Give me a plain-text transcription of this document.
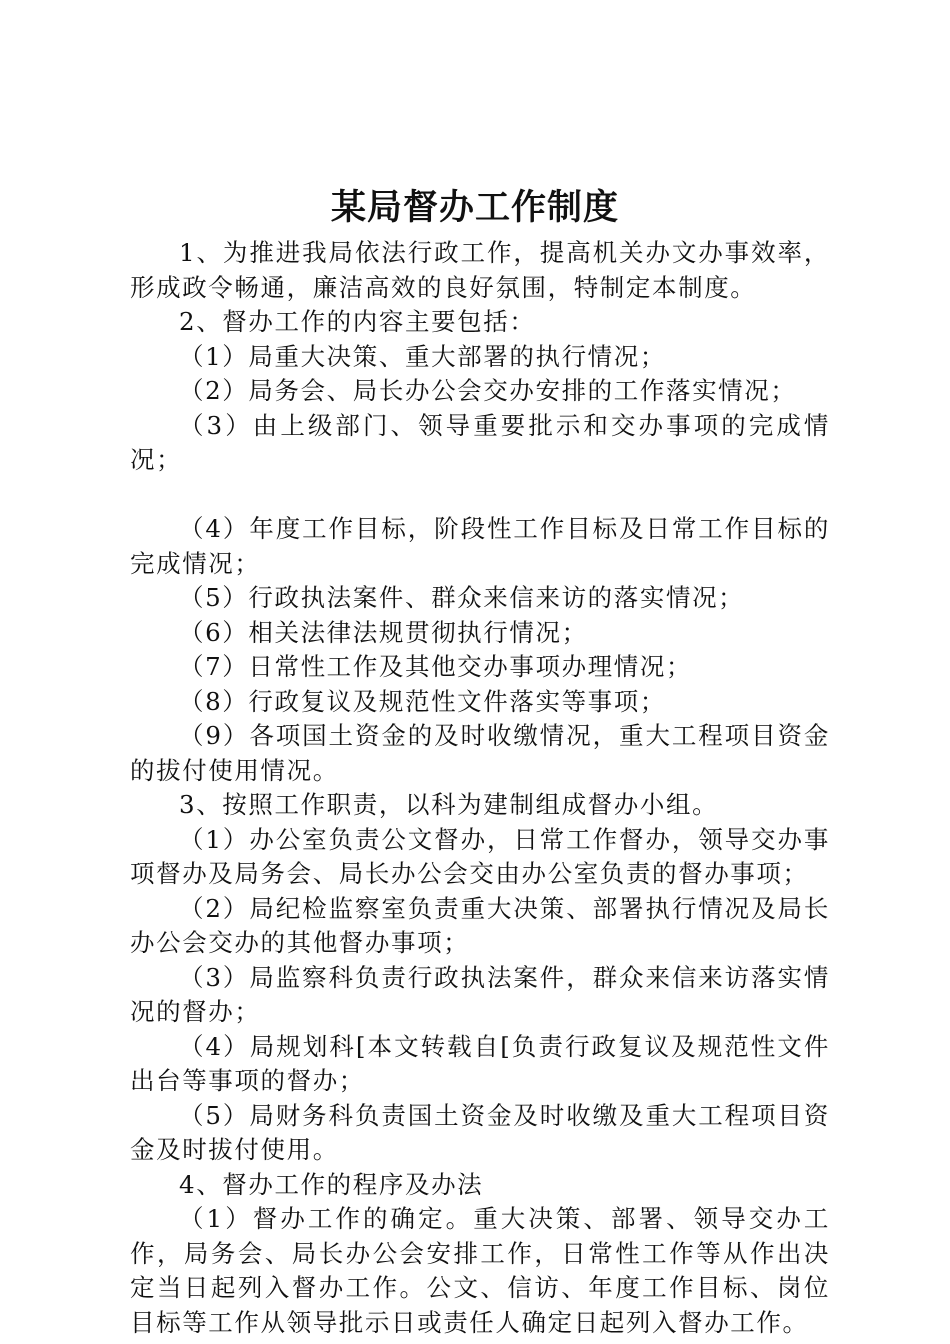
某局督办工作制度

1、为推进我局依法行政工作，提高机关办文办事效率，形成政令畅通，廉洁高效的良好氛围，特制定本制度。

2、督办工作的内容主要包括：

（1）局重大决策、重大部署的执行情况；

（2）局务会、局长办公会交办安排的工作落实情况；

（3）由上级部门、领导重要批示和交办事项的完成情况；

（4）年度工作目标，阶段性工作目标及日常工作目标的完成情况；

（5）行政执法案件、群众来信来访的落实情况；

（6）相关法律法规贯彻执行情况；

（7）日常性工作及其他交办事项办理情况；

（8）行政复议及规范性文件落实等事项；

（9）各项国土资金的及时收缴情况，重大工程项目资金的拔付使用情况。

3、按照工作职责，以科为建制组成督办小组。

（1）办公室负责公文督办，日常工作督办，领导交办事项督办及局务会、局长办公会交由办公室负责的督办事项；

（2）局纪检监察室负责重大决策、部署执行情况及局长办公会交办的其他督办事项；

（3）局监察科负责行政执法案件，群众来信来访落实情况的督办；

（4）局规划科[本文转载自[负责行政复议及规范性文件出台等事项的督办；

（5）局财务科负责国土资金及时收缴及重大工程项目资金及时拔付使用。

4、督办工作的程序及办法

（1）督办工作的确定。重大决策、部署、领导交办工作，局务会、局长办公会安排工作，日常性工作等从作出决定当日起列入督办工作。公文、信访、年度工作目标、岗位目标等工作从领导批示日或责任人确定日起列入督办工作。
